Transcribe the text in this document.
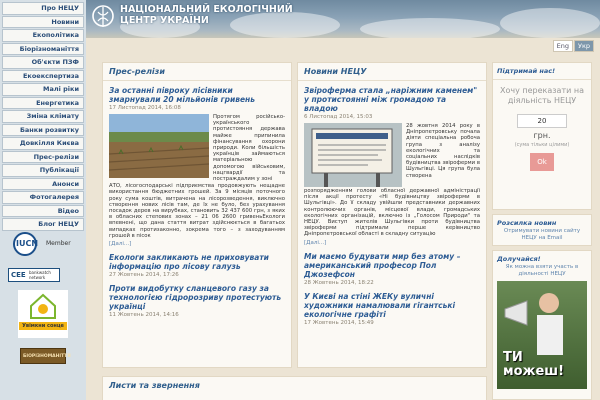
НАЦІОНАЛЬНИЙ ЕКОЛОГІЧНИЙ
ЦЕНТР УКРАЇНИ
Про НЕЦУ
Новини
Екополітика
Біорізноманіття
Об'єкти ПЗФ
Екоекспертиза
Малі ріки
Енергетика
Зміна клімату
Банки розвитку
Довкілля Києва
Прес-релізи
Публікації
Анонси
Фотогалерея
Відео
Блог НЕЦУ
IUCN Member
CEE bankwatch network
Увімкни сонце
БІОРІЗНОМАНІТТЯ
Eng	Укр
Прес-релізи
За останні півроку лісівники змарнували 20 мільйонів гривень
17 Листопад 2014, 16:08
Протягом російсько-українського протистояння держава майже припинила фінансування охорони природи. Коли більшість українців займаються матеріальною допомогою військовим, нацгвардії та постраждалим у зоні
АТО, лісогосподарські підприємства продовжують нещадне використання бюджетних грошей. За 9 місяців поточного року сума коштів, витрачена на лісорозведення, виключно створення нових лісів там, де їх не було, без урахування посадок дерев на вирубках, становить 32 437 600 грн, з яких в обласних степових зонах – 21 06 2600 гривеньЕкологи впевнені, що дана стаття витрат здійснюється в багатьох випадках протизаконно, зокрема того – з заходуванням грошей в пісок
[Далі...]
Екологи закликають не приховувати інформацію про лісову галузь
27 Жовтень 2014, 17:26
Проти видобутку сланцевого газу за технологією гідророзриву протестують українці
11 Жовтень 2014, 14:16
Новини НЕЦУ
Звіроферма стала „наріжним каменем" у протистоянні між громадою та владою
6 Листопад 2014, 15:03
28 жовтня 2014 року в Дніпропетровську почала діяти спеціальна робоча група з аналізу екологічних та соціальних наслідків будівництва звіроферми в Шульгівці. Ця група була створена
розпорядженням голови обласної державної адміністрації після акції протесту «Ні будівництву звіроферми в Шульгівці». До її складу увійшли представники державних контролюючих органів, місцевої влади, громадських екологічних організацій, включно із „Голосом Природи" та НЕЦУ. Виступ жителів Шульгівки проти будівництва звіроферми підтримали перше керівництво Дніпропетровської області в складну ситуацію
[Далі...]
Ми маємо будувати мир без атому – американський професор Пол Джозефсон
28 Жовтень 2014, 18:22
У Києві на стіні ЖЕКу вуличні художники намалювали гігантські екологічне графіті
17 Жовтень 2014, 15:49
Листи та звернення
Підтримай нас!
Хочу переказати на діяльність НЕЦУ
20
грн.
(сума тільки цілими)
Ok
Розсилка новин
Отримувати новини сайту НЕЦУ на Email
Долучайся!
Як можна взяти участь в діяльності НЕЦУ
ТИ можеш!
